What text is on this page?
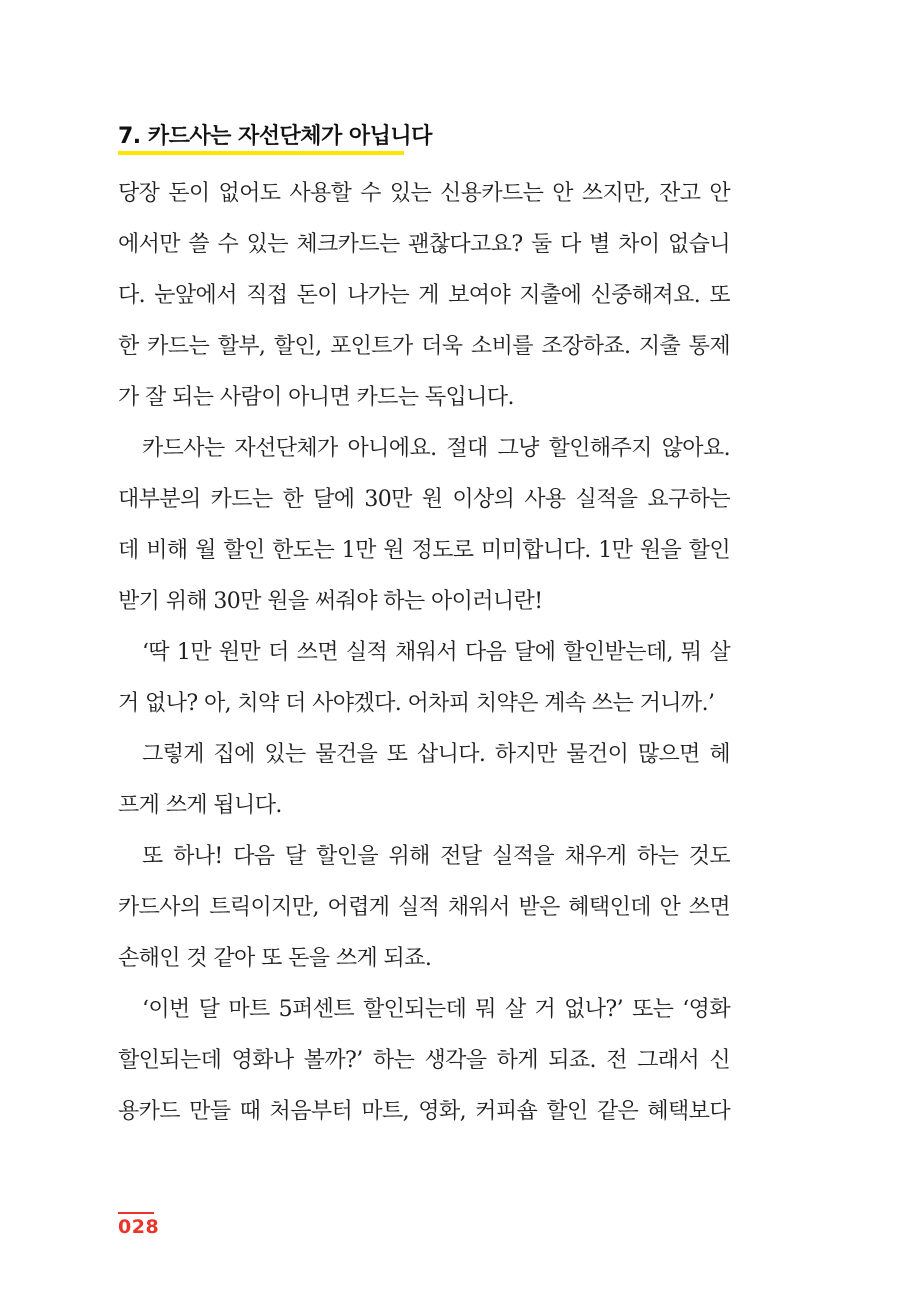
7. 카드사는 자선단체가 아닙니다
당장 돈이 없어도 사용할 수 있는 신용카드는 안 쓰지만, 잔고 안
에서만 쓸 수 있는 체크카드는 괜찮다고요? 둘 다 별 차이 없습니
다. 눈앞에서 직접 돈이 나가는 게 보여야 지출에 신중해져요. 또
한 카드는 할부, 할인, 포인트가 더욱 소비를 조장하죠. 지출 통제
가 잘 되는 사람이 아니면 카드는 독입니다.
카드사는 자선단체가 아니에요. 절대 그냥 할인해주지 않아요.
대부분의 카드는 한 달에 30만 원 이상의 사용 실적을 요구하는
데 비해 월 할인 한도는 1만 원 정도로 미미합니다. 1만 원을 할인
받기 위해 30만 원을 써줘야 하는 아이러니란!
‘딱 1만 원만 더 쓰면 실적 채워서 다음 달에 할인받는데, 뭐 살
거 없나? 아, 치약 더 사야겠다. 어차피 치약은 계속 쓰는 거니까.’
그렇게 집에 있는 물건을 또 삽니다. 하지만 물건이 많으면 헤
프게 쓰게 됩니다.
또 하나! 다음 달 할인을 위해 전달 실적을 채우게 하는 것도
카드사의 트릭이지만, 어렵게 실적 채워서 받은 혜택인데 안 쓰면
손해인 것 같아 또 돈을 쓰게 되죠.
‘이번 달 마트 5퍼센트 할인되는데 뭐 살 거 없나?’ 또는 ‘영화
할인되는데 영화나 볼까?’ 하는 생각을 하게 되죠. 전 그래서 신
용카드 만들 때 처음부터 마트, 영화, 커피숍 할인 같은 혜택보다
028
